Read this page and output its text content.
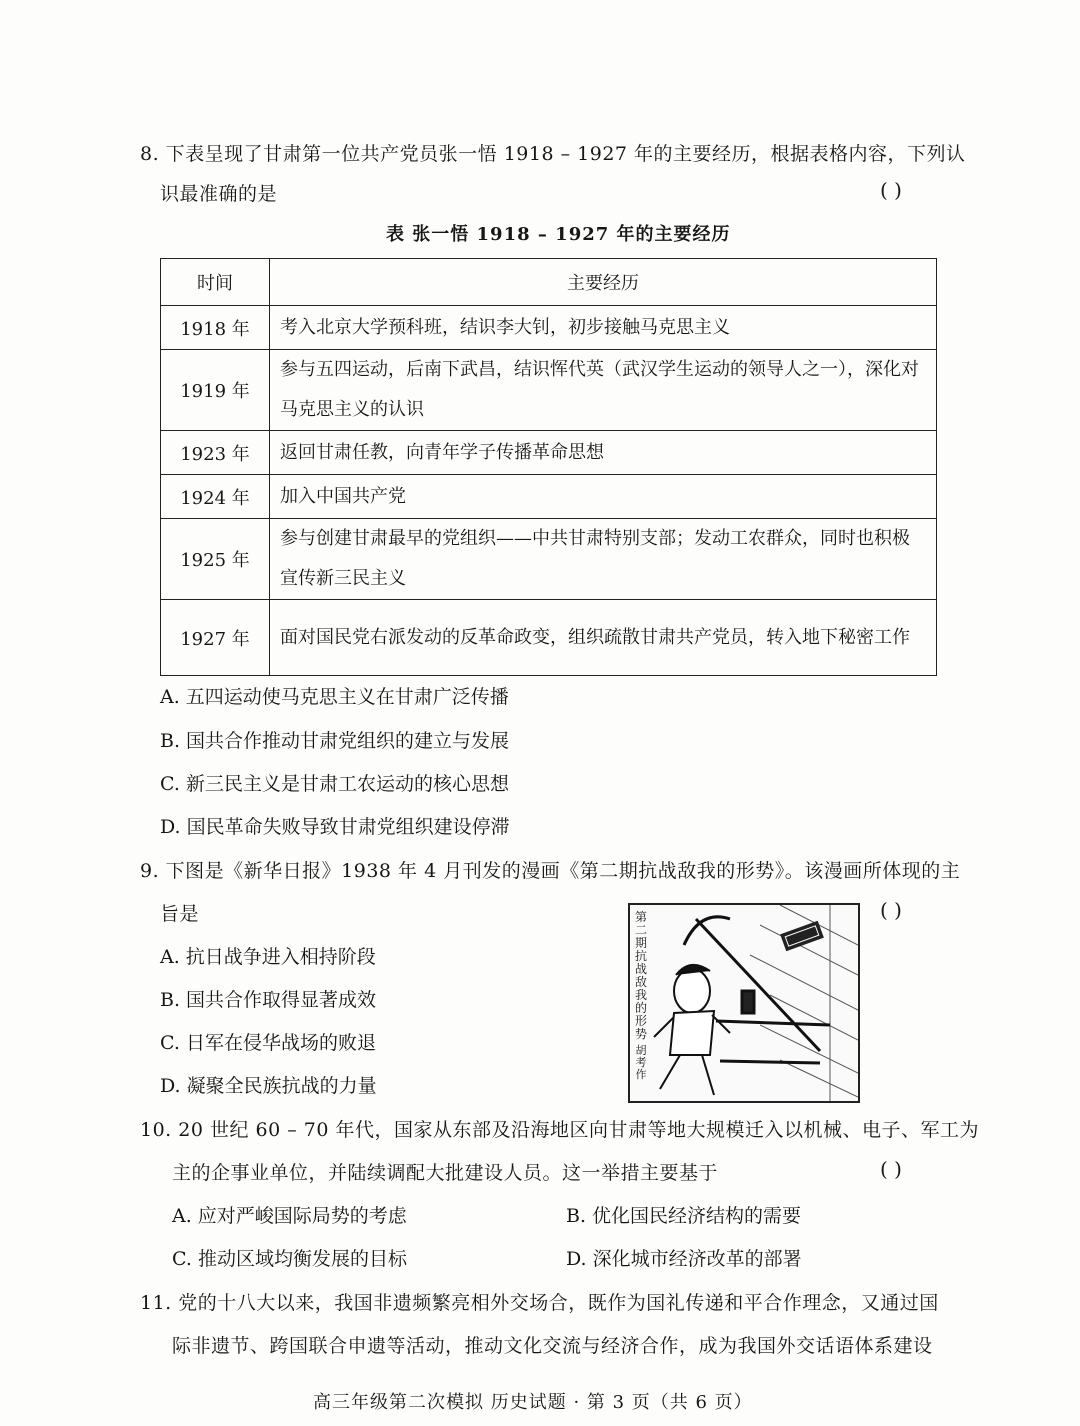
8. 下表呈现了甘肃第一位共产党员张一悟 1918 – 1927 年的主要经历，根据表格内容，下列认
识最准确的是	( )
表 张一悟 1918 – 1927 年的主要经历
时间	主要经历
1918 年	考入北京大学预科班，结识李大钊，初步接触马克思主义
1919 年	参与五四运动，后南下武昌，结识恽代英（武汉学生运动的领导人之一），深化对马克思主义的认识
1923 年	返回甘肃任教，向青年学子传播革命思想
1924 年	加入中国共产党
1925 年	参与创建甘肃最早的党组织——中共甘肃特别支部；发动工农群众，同时也积极宣传新三民主义
1927 年	面对国民党右派发动的反革命政变，组织疏散甘肃共产党员，转入地下秘密工作
A. 五四运动使马克思主义在甘肃广泛传播
B. 国共合作推动甘肃党组织的建立与发展
C. 新三民主义是甘肃工农运动的核心思想
D. 国民革命失败导致甘肃党组织建设停滞
9. 下图是《新华日报》1938 年 4 月刊发的漫画《第二期抗战敌我的形势》。该漫画所体现的主
旨是	( )
A. 抗日战争进入相持阶段
B. 国共合作取得显著成效
C. 日军在侵华战场的败退
D. 凝聚全民族抗战的力量
第二期抗战敌我的形势
胡考作
10. 20 世纪 60 – 70 年代，国家从东部及沿海地区向甘肃等地大规模迁入以机械、电子、军工为
主的企事业单位，并陆续调配大批建设人员。这一举措主要基于	( )
A. 应对严峻国际局势的考虑	B. 优化国民经济结构的需要
C. 推动区域均衡发展的目标	D. 深化城市经济改革的部署
11. 党的十八大以来，我国非遗频繁亮相外交场合，既作为国礼传递和平合作理念，又通过国
际非遗节、跨国联合申遗等活动，推动文化交流与经济合作，成为我国外交话语体系建设
高三年级第二次模拟 历史试题 · 第 3 页（共 6 页）
